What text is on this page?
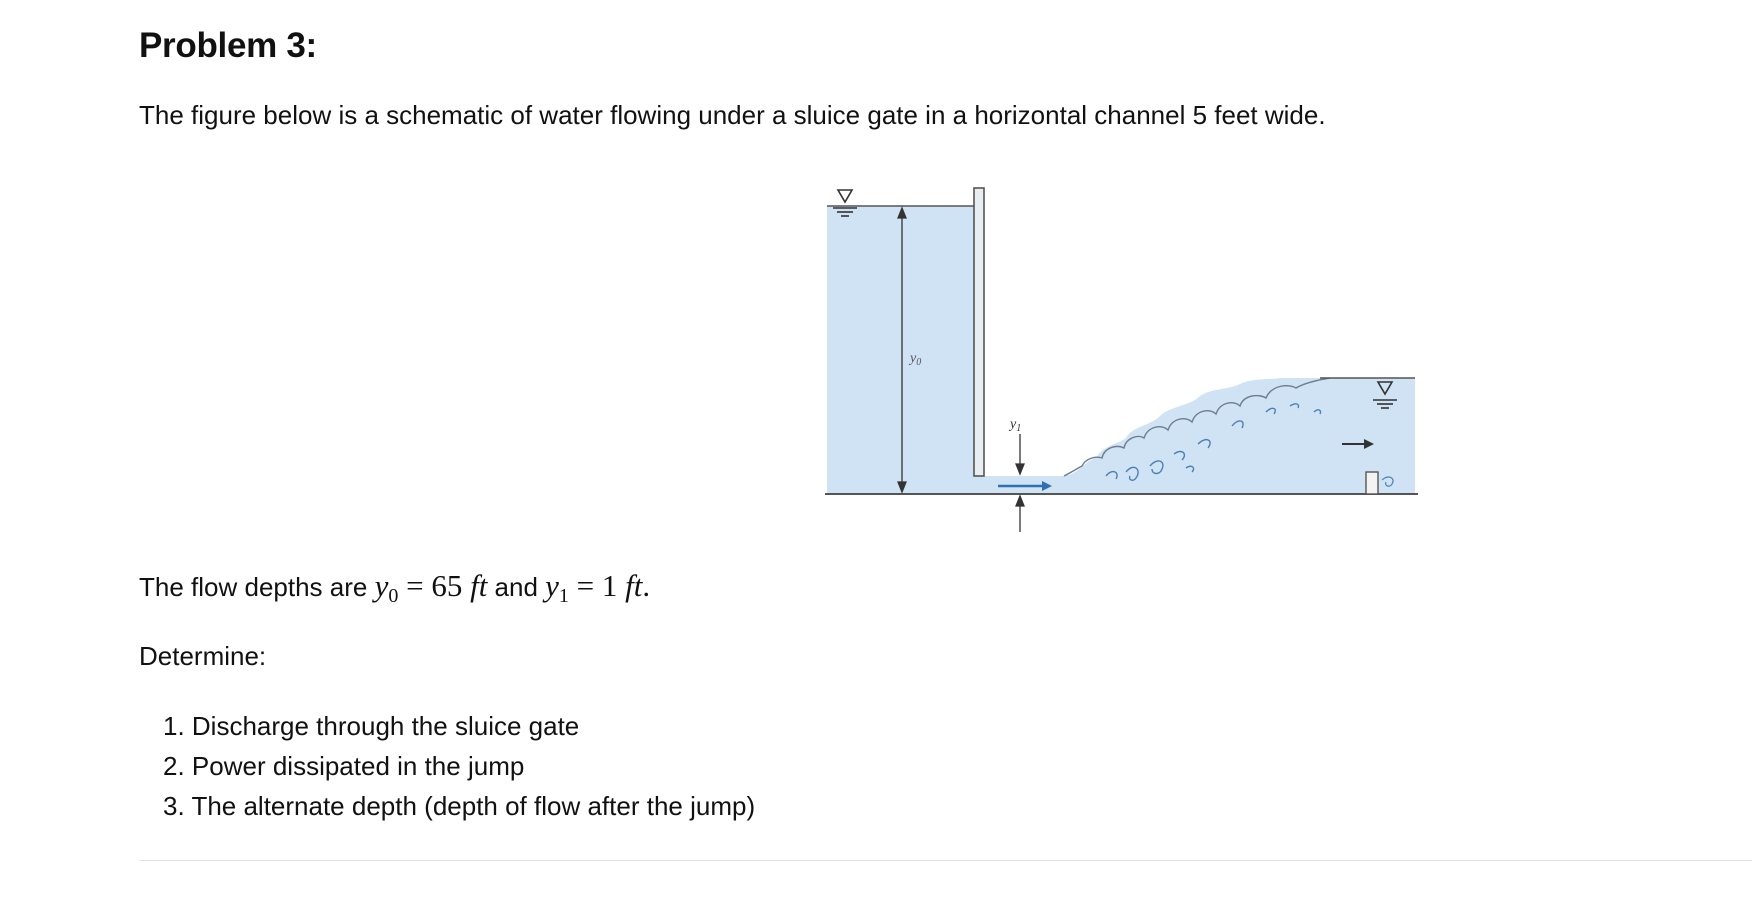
Problem 3:

The figure below is a schematic of water flowing under a sluice gate in a horizontal channel 5 feet wide.

$y_0$
$y_1$

The flow depths are $y_0 = 65$ ft and $y_1 = 1$ ft.

Determine:

1. Discharge through the sluice gate
2. Power dissipated in the jump
3. The alternate depth (depth of flow after the jump)
